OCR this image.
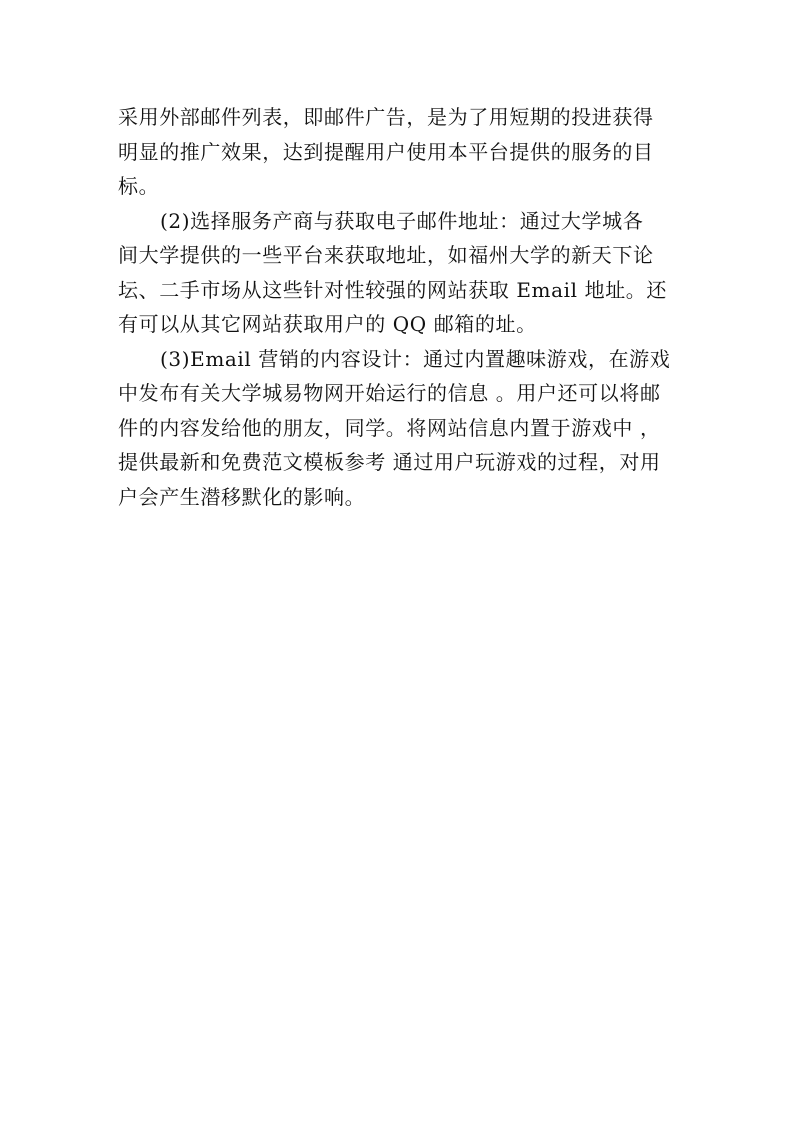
采用外部邮件列表，即邮件广告，是为了用短期的投进获得
明显的推广效果，达到提醒用户使用本平台提供的服务的目
标。

(2)选择服务产商与获取电子邮件地址：通过大学城各
间大学提供的一些平台来获取地址，如福州大学的新天下论
坛、二手市场从这些针对性较强的网站获取 Email 地址。还
有可以从其它网站获取用户的 QQ 邮箱的址。

(3)Email 营销的内容设计：通过内置趣味游戏，在游戏
中发布有关大学城易物网开始运行的信息 。用户还可以将邮
件的内容发给他的朋友，同学。将网站信息内置于游戏中 ，
提供最新和免费范文模板参考 通过用户玩游戏的过程，对用
户会产生潜移默化的影响。
